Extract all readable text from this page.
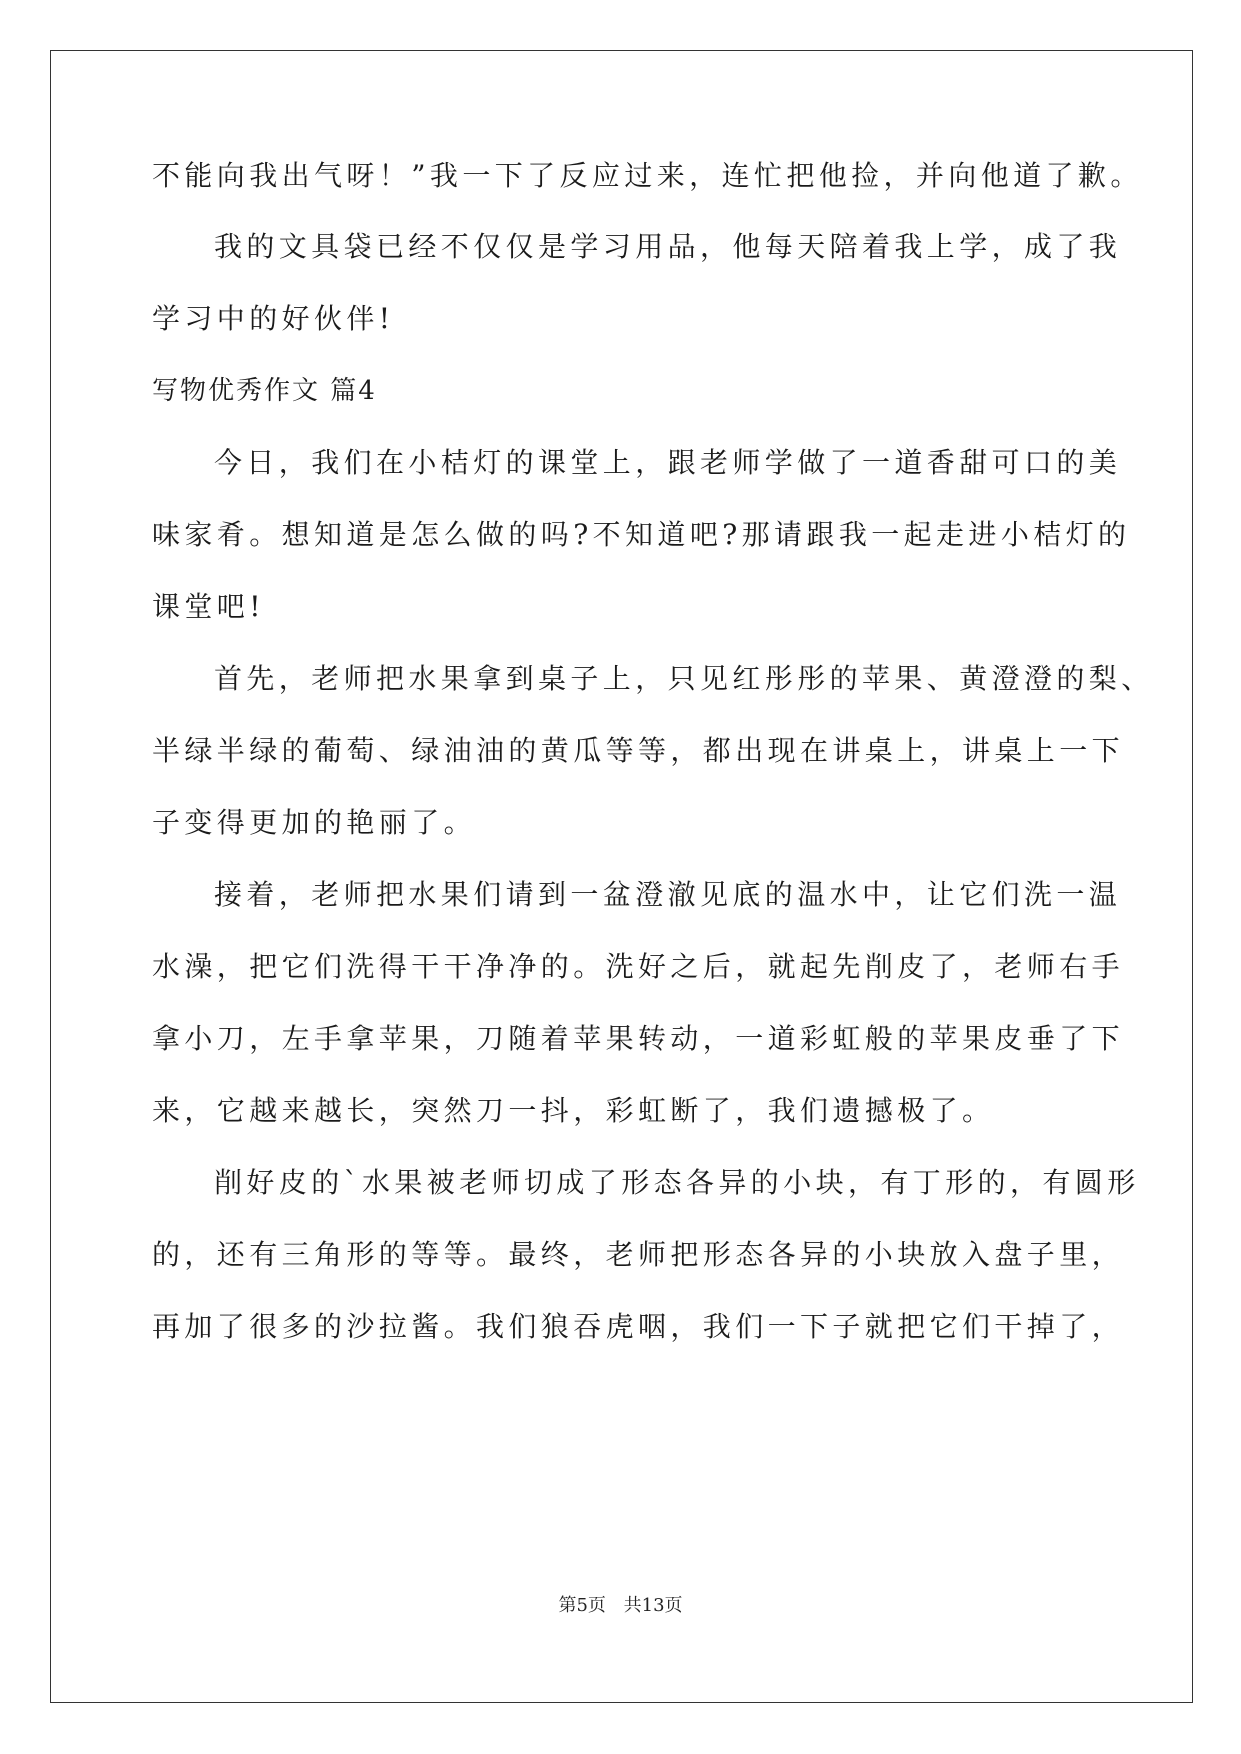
不能向我出气呀！”我一下了反应过来，连忙把他捡，并向他道了歉。
我的文具袋已经不仅仅是学习用品，他每天陪着我上学，成了我
学习中的好伙伴!
写物优秀作文 篇4
今日，我们在小桔灯的课堂上，跟老师学做了一道香甜可口的美
味家肴。想知道是怎么做的吗?不知道吧?那请跟我一起走进小桔灯的
课堂吧!
首先，老师把水果拿到桌子上，只见红彤彤的苹果、黄澄澄的梨、
半绿半绿的葡萄、绿油油的黄瓜等等，都出现在讲桌上，讲桌上一下
子变得更加的艳丽了。
接着，老师把水果们请到一盆澄澈见底的温水中，让它们洗一温
水澡，把它们洗得干干净净的。洗好之后，就起先削皮了，老师右手
拿小刀，左手拿苹果，刀随着苹果转动，一道彩虹般的苹果皮垂了下
来，它越来越长，突然刀一抖，彩虹断了，我们遗撼极了。
削好皮的`水果被老师切成了形态各异的小块，有丁形的，有圆形
的，还有三角形的等等。最终，老师把形态各异的小块放入盘子里，
再加了很多的沙拉酱。我们狼吞虎咽，我们一下子就把它们干掉了，
第5页 共13页
